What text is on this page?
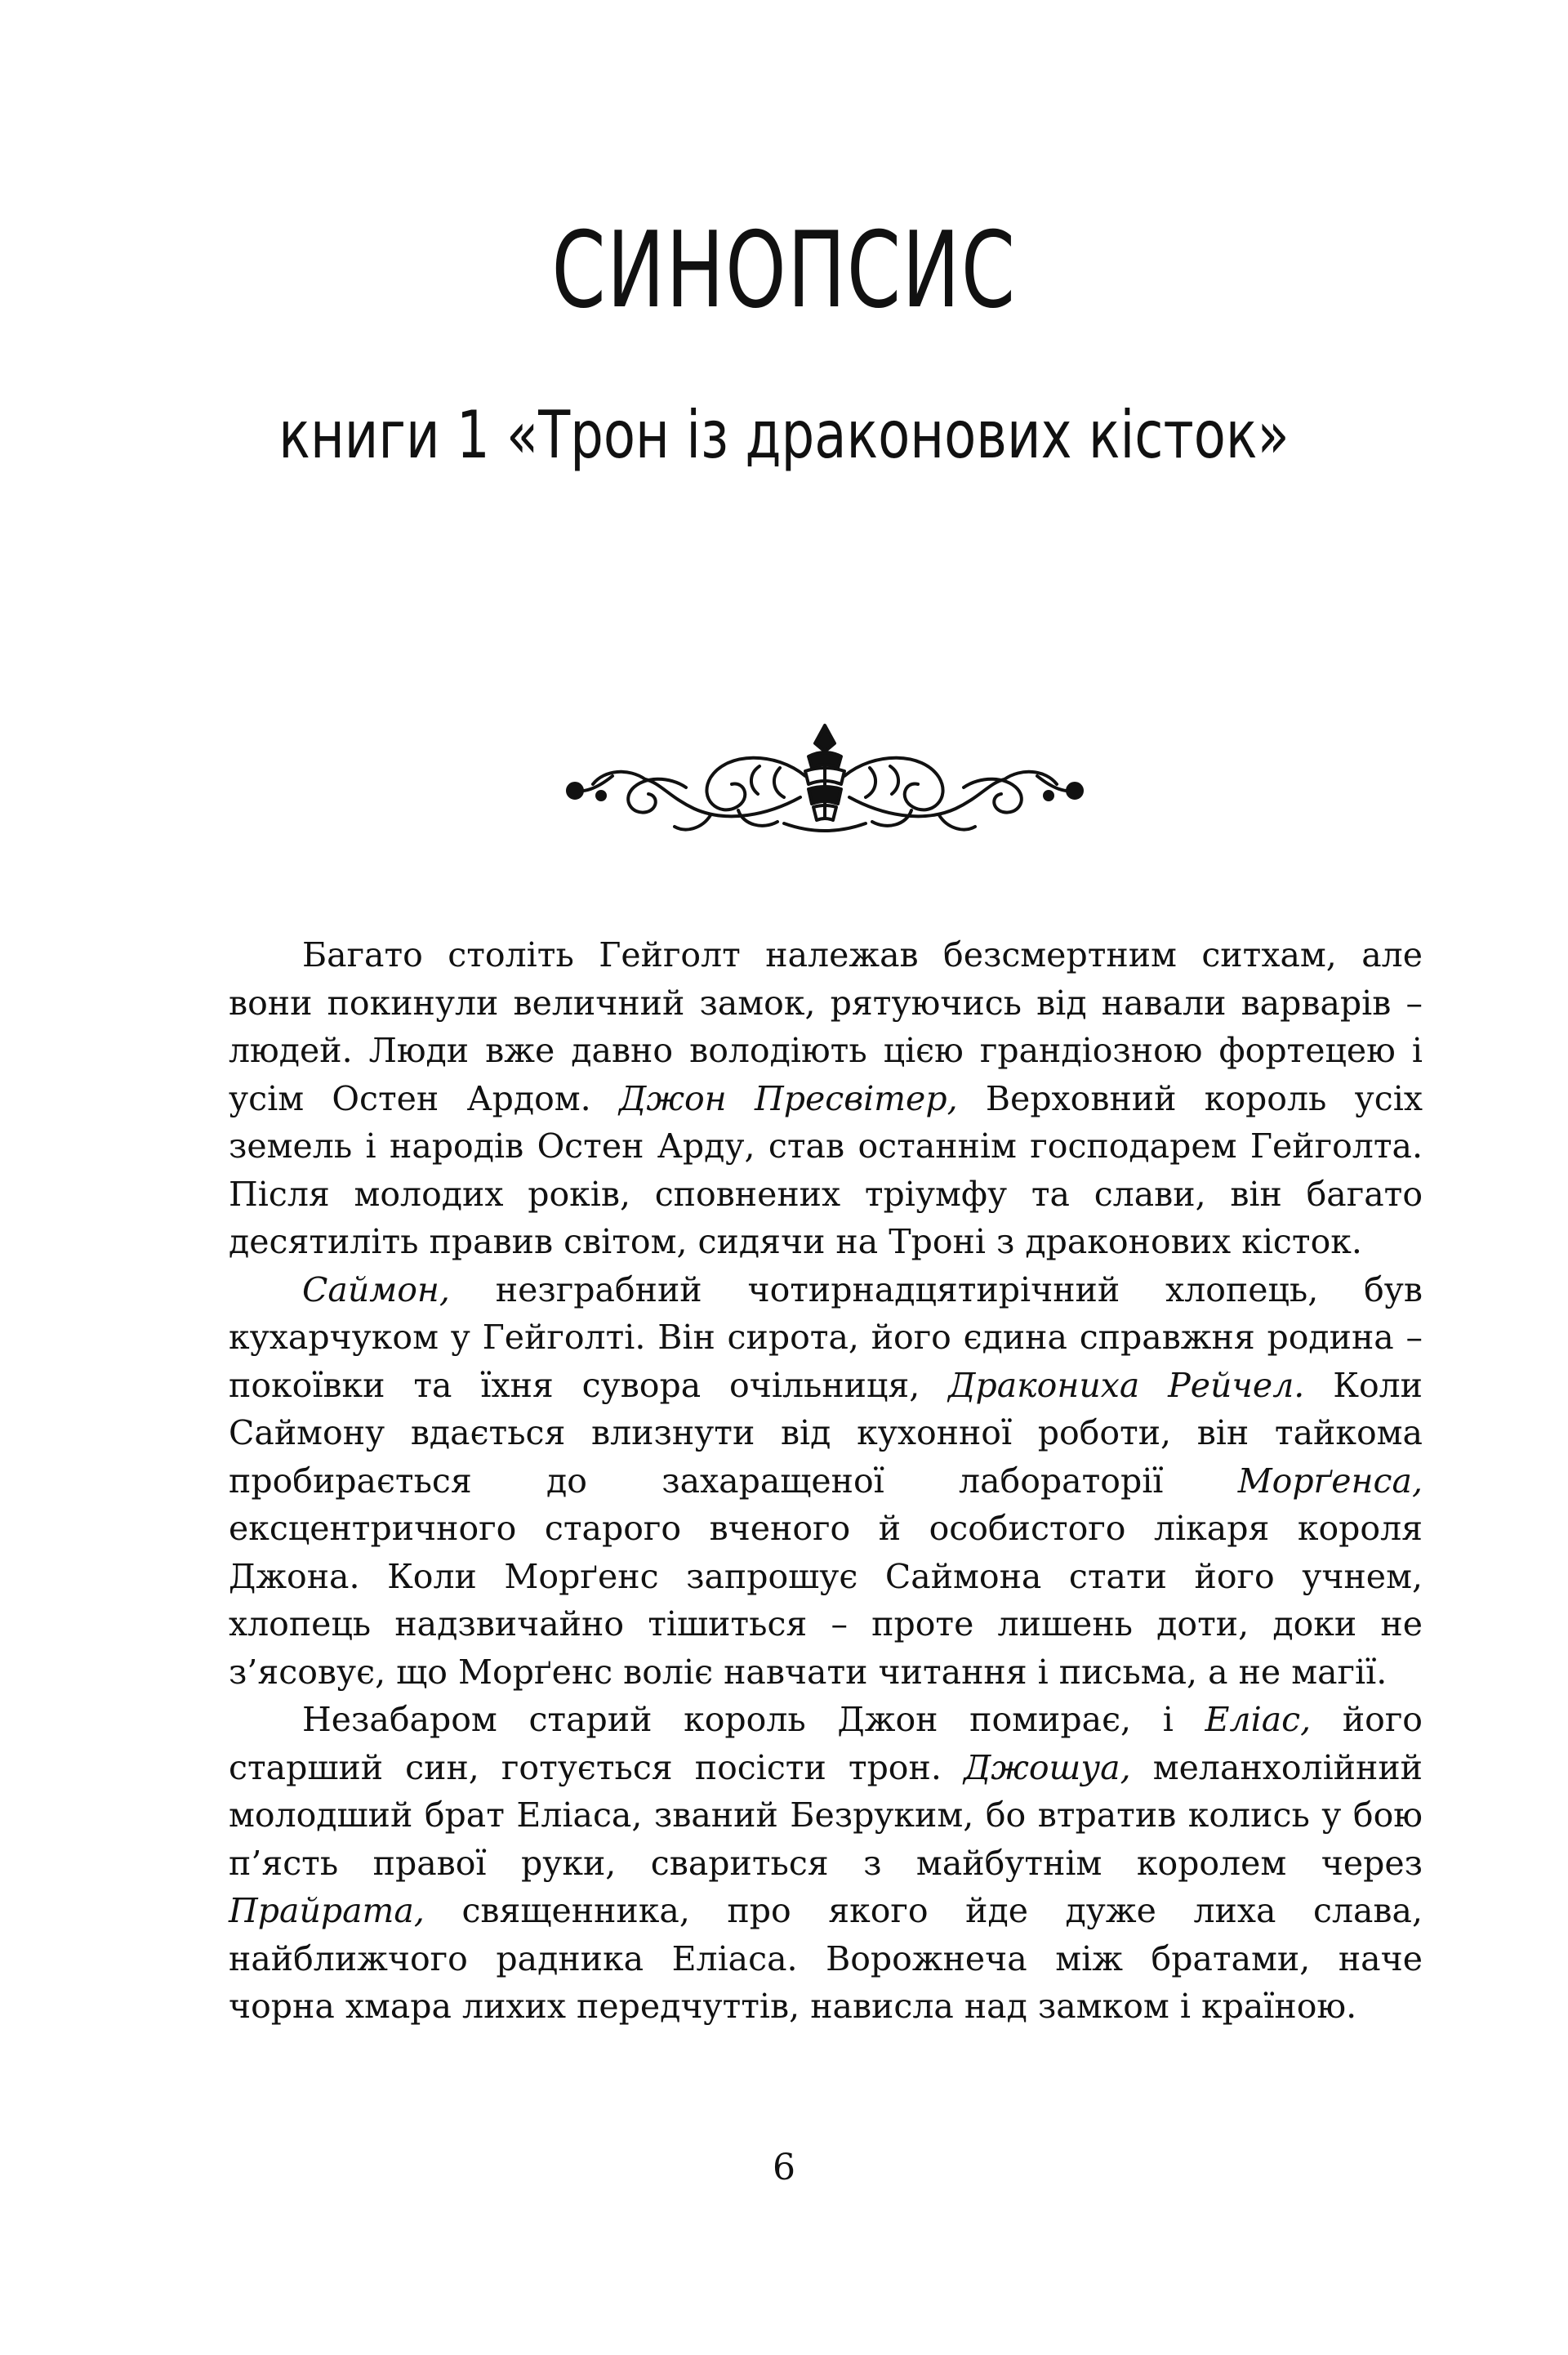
СИНОПСИС
книги 1 «Трон із драконових кісток»

Багато століть Гейголт належав безсмертним ситхам, але вони покинули величний замок, рятуючись від навали варварів – людей. Люди вже давно володіють цією грандіозною фортецею і усім Остен Ардом. Джон Пресвітер, Верховний король усіх земель і народів Остен Арду, став останнім господарем Гейголта. Після молодих років, сповнених тріумфу та слави, він багато десятиліть правив світом, сидячи на Троні з драконових кісток.

Саймон, незграбний чотирнадцятирічний хлопець, був кухарчуком у Гейголті. Він сирота, його єдина справжня родина – покоївки та їхня сувора очільниця, Дракониха Рейчел. Коли Саймону вдається влизнути від кухонної роботи, він тайкома пробирається до захаращеної лабораторії Морґенса, ексцентричного старого вченого й особистого лікаря короля Джона. Коли Морґенс запрошує Саймона стати його учнем, хлопець надзвичайно тішиться – проте лишень доти, доки не з’ясовує, що Морґенс воліє навчати читання і письма, а не магії.

Незабаром старий король Джон помирає, і Еліас, його старший син, готується посісти трон. Джошуа, меланхолійний молодший брат Еліаса, званий Безруким, бо втратив колись у бою п’ясть правої руки, свариться з майбутнім королем через Прайрата, священника, про якого йде дуже лиха слава, найближчого радника Еліаса. Ворожнеча між братами, наче чорна хмара лихих передчуттів, нависла над замком і країною.

6
